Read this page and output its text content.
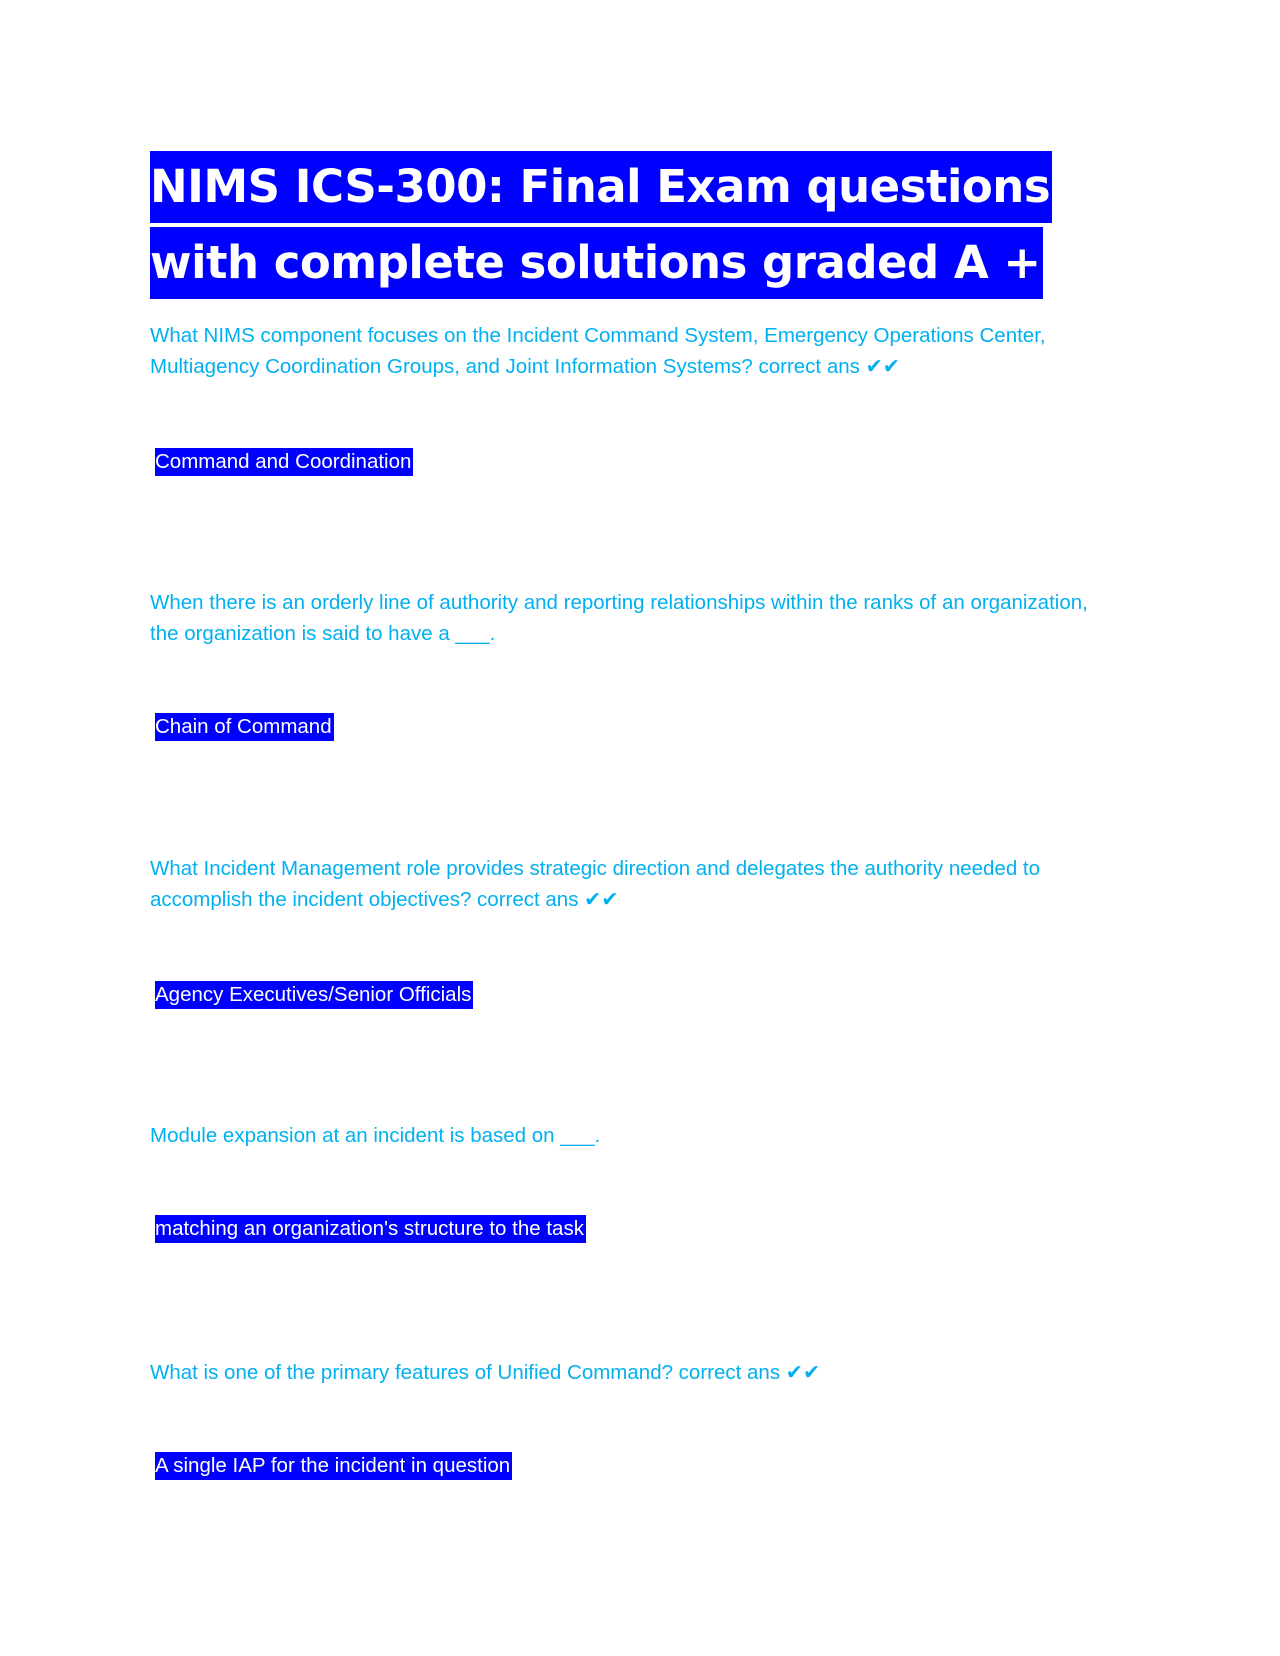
NIMS ICS-300: Final Exam questions
with complete solutions graded A +
What NIMS component focuses on the Incident Command System, Emergency Operations Center, Multiagency Coordination Groups, and Joint Information Systems? correct ans ✔✔
Command and Coordination
When there is an orderly line of authority and reporting relationships within the ranks of an organization, the organization is said to have a ___.
Chain of Command
What Incident Management role provides strategic direction and delegates the authority needed to accomplish the incident objectives? correct ans ✔✔
Agency Executives/Senior Officials
Module expansion at an incident is based on ___.
matching an organization's structure to the task
What is one of the primary features of Unified Command? correct ans ✔✔
A single IAP for the incident in question
